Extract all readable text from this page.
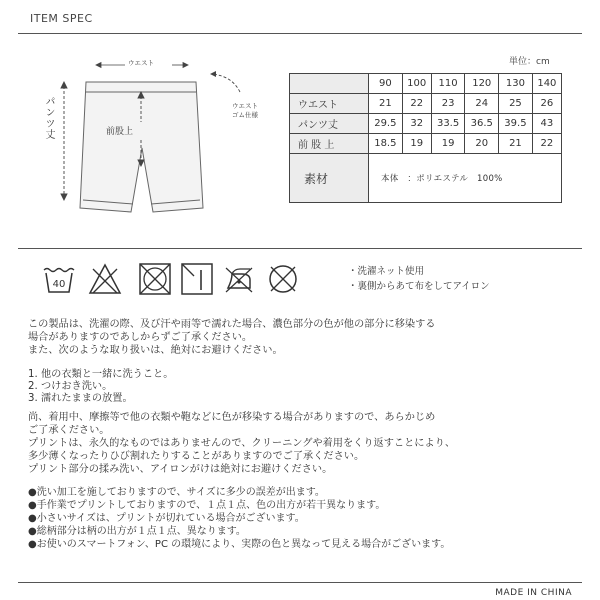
ITEM SPEC
ウエスト
前股上
ウエスト
ゴム仕様
パンツ丈
単位：cm
	90	100	110	120	130	140
ウエスト	21	22	23	24	25	26
パンツ丈	29.5	32	33.5	36.5	39.5	43
前 股 上	18.5	19	19	20	21	22
素材	本体　：ポリエステル　100%					
40
・洗濯ネット使用
・裏側からあて布をしてアイロン
この製品は、洗濯の際、及び汗や雨等で濡れた場合、濃色部分の色が他の部分に移染する
場合がありますのであしからずご了承ください。
また、次のような取り扱いは、絶対にお避けください。
1. 他の衣類と一緒に洗うこと。
2. つけおき洗い。
3. 濡れたままの放置。
尚、着用中、摩擦等で他の衣類や鞄などに色が移染する場合がありますので、あらかじめ
ご了承ください。
プリントは、永久的なものではありませんので、クリーニングや着用をくり返すことにより、
多少薄くなったりひび割れたりすることがありますのでご了承ください。
プリント部分の揉み洗い、アイロンがけは絶対にお避けください。
●洗い加工を施しておりますので、サイズに多少の誤差が出ます。
●手作業でプリントしておりますので、１点１点、色の出方が若干異なります。
●小さいサイズは、プリントが切れている場合がございます。
●総柄部分は柄の出方が１点１点、異なります。
●お使いのスマートフォン、PC の環境により、実際の色と異なって見える場合がございます。
MADE IN CHINA
